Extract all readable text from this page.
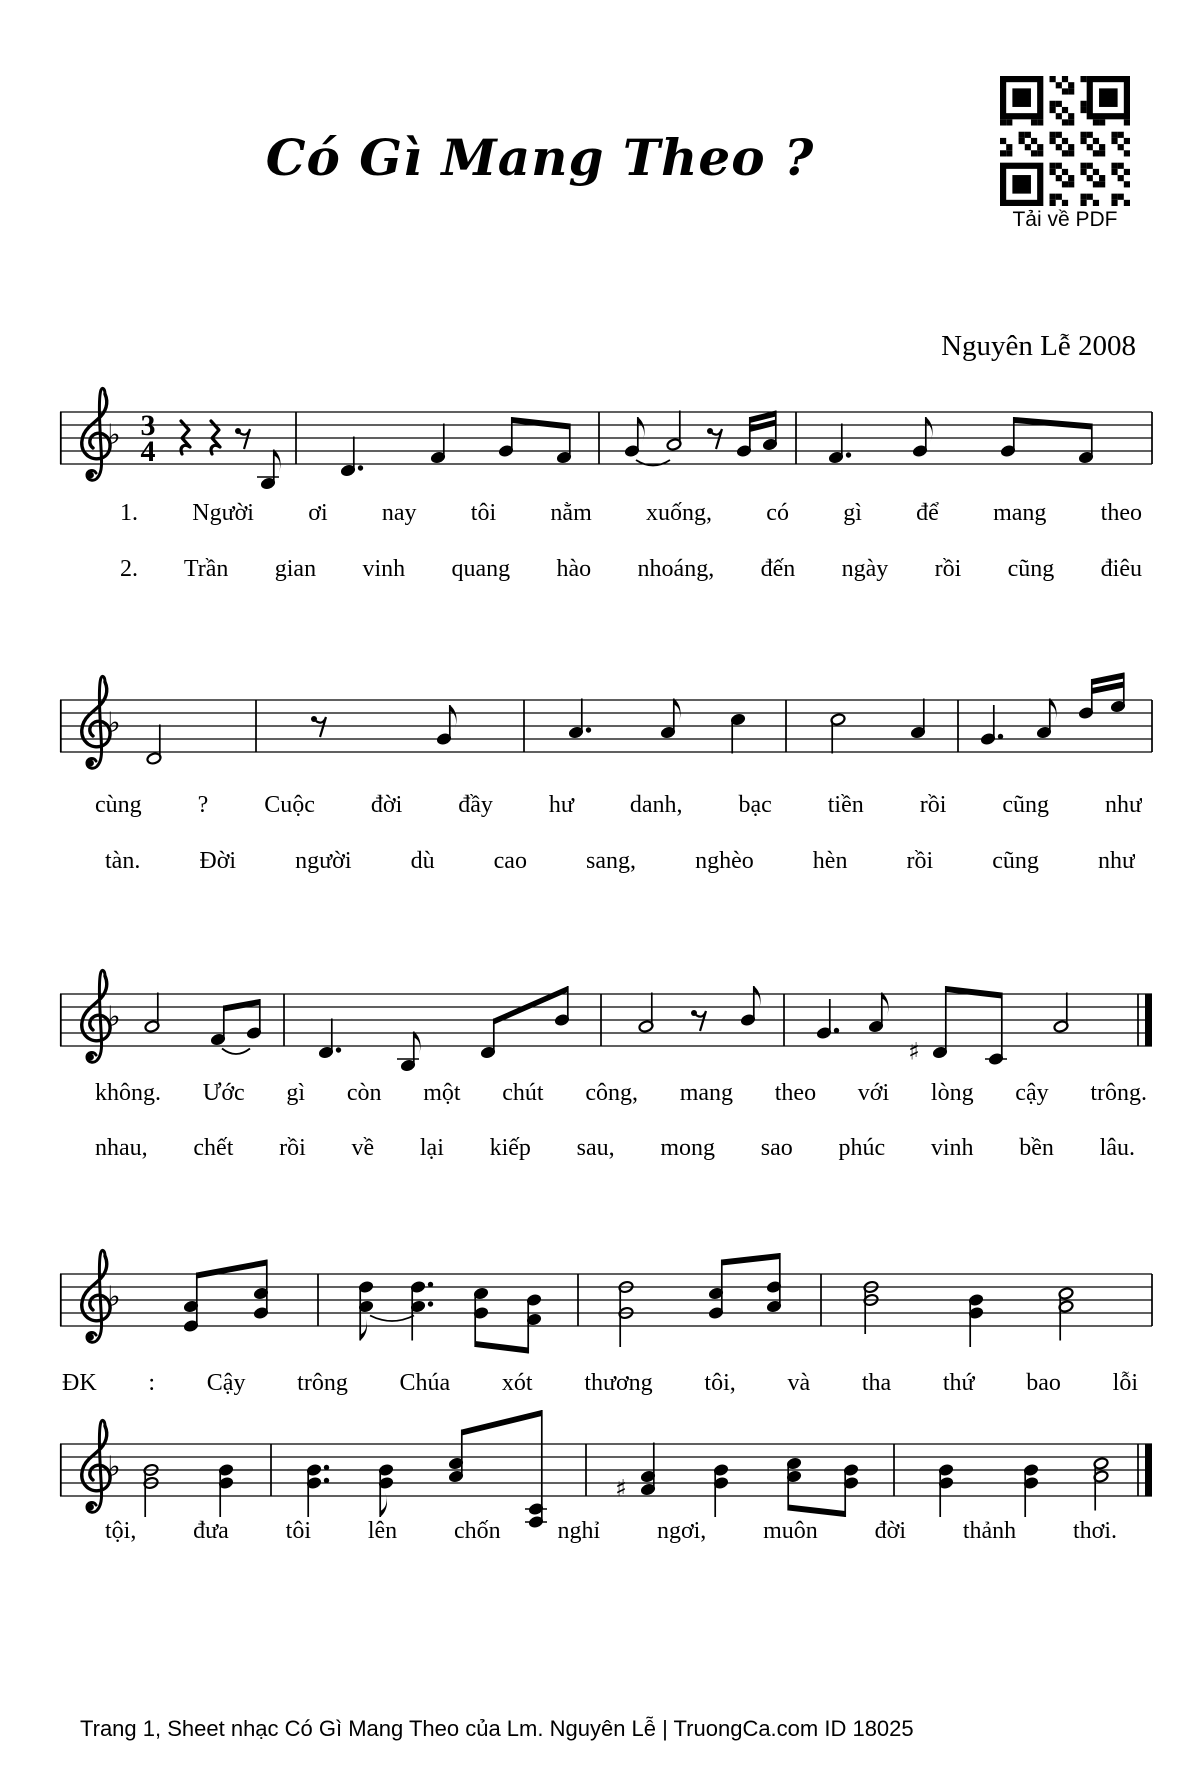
Có Gì Mang Theo ?
Tải về PDF
Nguyên Lễ 2008
♭ 3
4
1. Người ơi nay tôi nằm xuống, có gì để mang theo
2. Trần gian vinh quang hào nhoáng, đến ngày rồi cũng điêu
♭
cùng ? Cuộc đời đầy hư danh, bạc tiền rồi cũng như
tàn. Đời người dù cao sang, nghèo hèn rồi cũng như
♭
♯
không. Ước gì còn một chút công, mang theo với lòng cậy trông.
nhau, chết rồi về lại kiếp sau, mong sao phúc vinh bền lâu.
♭
ĐK : Cậy trông Chúa xót thương tôi, và tha thứ bao lỗi
♭
♯
tội, đưa tôi lên chốn nghỉ ngơi, muôn đời thảnh thơi.
Trang 1, Sheet nhạc Có Gì Mang Theo của Lm. Nguyên Lễ | TruongCa.com ID 18025
